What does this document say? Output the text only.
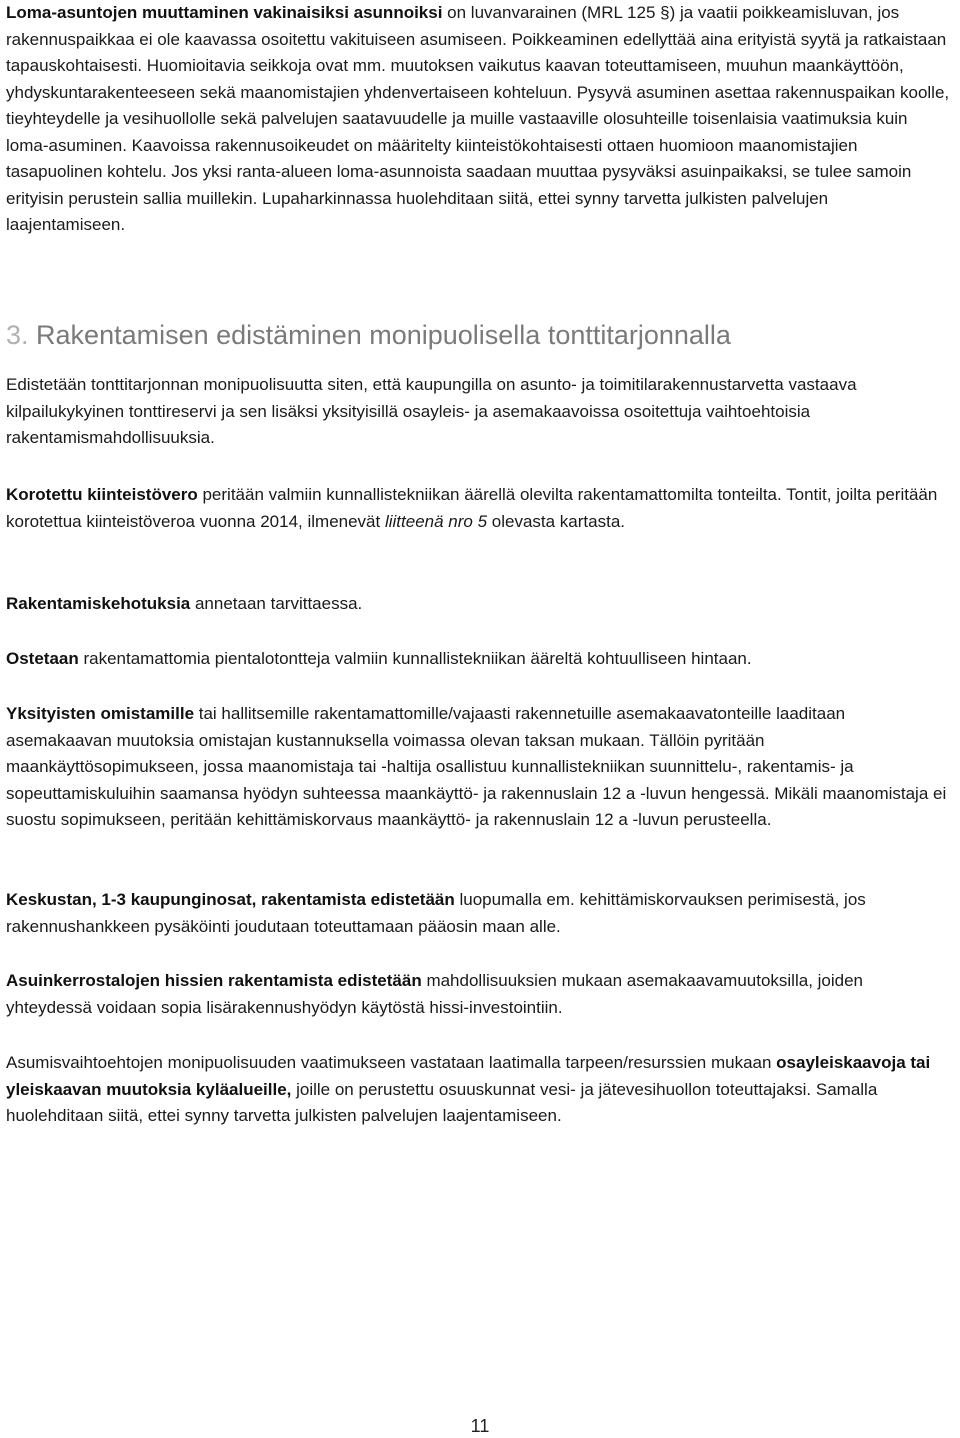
Loma-asuntojen muuttaminen vakinaisiksi asunnoiksi on luvanvarainen (MRL 125 §) ja vaatii poikkeamisluvan, jos rakennuspaikkaa ei ole kaavassa osoitettu vakituiseen asumiseen. Poikkeaminen edellyttää aina erityistä syytä ja ratkaistaan tapauskohtaisesti. Huomioitavia seikkoja ovat mm. muutoksen vaikutus kaavan toteuttamiseen, muuhun maankäyttöön, yhdyskuntarakenteeseen sekä maanomistajien yhdenvertaiseen kohteluun. Pysyvä asuminen asettaa rakennuspaikan koolle, tieyhteydelle ja vesihuollolle sekä palvelujen saatavuudelle ja muille vastaaville olosuhteille toisenlaisia vaatimuksia kuin loma-asuminen. Kaavoissa rakennusoikeudet on määritelty kiinteistökohtaisesti ottaen huomioon maanomistajien tasapuolinen kohtelu. Jos yksi ranta-alueen loma-asunnoista saadaan muuttaa pysyväksi asuinpaikaksi, se tulee samoin erityisin perustein sallia muillekin. Lupaharkinnassa huolehditaan siitä, ettei synny tarvetta julkisten palvelujen laajentamiseen.

3. Rakentamisen edistäminen monipuolisella tonttitarjonnalla

Edistetään tonttitarjonnan monipuolisuutta siten, että kaupungilla on asunto- ja toimitilarakennustarvetta vastaava kilpailukykyinen tonttireservi ja sen lisäksi yksityisillä osayleis- ja asemakaavoissa osoitettuja vaihtoehtoisia rakentamismahdollisuuksia.

Korotettu kiinteistövero peritään valmiin kunnallistekniikan äärellä olevilta rakentamattomilta tonteilta. Tontit, joilta peritään korotettua kiinteistöveroa vuonna 2014, ilmenevät liitteenä nro 5 olevasta kartasta.

Rakentamiskehotuksia annetaan tarvittaessa.

Ostetaan rakentamattomia pientalotontteja valmiin kunnallistekniikan ääreltä kohtuulliseen hintaan.

Yksityisten omistamille tai hallitsemille rakentamattomille/vajaasti rakennetuille asemakaavatonteille laaditaan asemakaavan muutoksia omistajan kustannuksella voimassa olevan taksan mukaan. Tällöin pyritään maankäyttösopimukseen, jossa maanomistaja tai -haltija osallistuu kunnallistekniikan suunnittelu-, rakentamis- ja sopeuttamiskuluihin saamansa hyödyn suhteessa maankäyttö- ja rakennuslain 12 a -luvun hengessä. Mikäli maanomistaja ei suostu sopimukseen, peritään kehittämiskorvaus maankäyttö- ja rakennuslain 12 a -luvun perusteella.

Keskustan, 1-3 kaupunginosat, rakentamista edistetään luopumalla em. kehittämiskorvauksen perimisestä, jos rakennushankkeen pysäköinti joudutaan toteuttamaan pääosin maan alle.

Asuinkerrostalojen hissien rakentamista edistetään mahdollisuuksien mukaan asemakaavamuutoksilla, joiden yhteydessä voidaan sopia lisärakennushyödyn käytöstä hissi-investointiin.

Asumisvaihtoehtojen monipuolisuuden vaatimukseen vastataan laatimalla tarpeen/resurssien mukaan osayleiskaavoja tai yleiskaavan muutoksia kyläalueille, joille on perustettu osuuskunnat vesi- ja jätevesihuollon toteuttajaksi. Samalla huolehditaan siitä, ettei synny tarvetta julkisten palvelujen laajentamiseen.

11
